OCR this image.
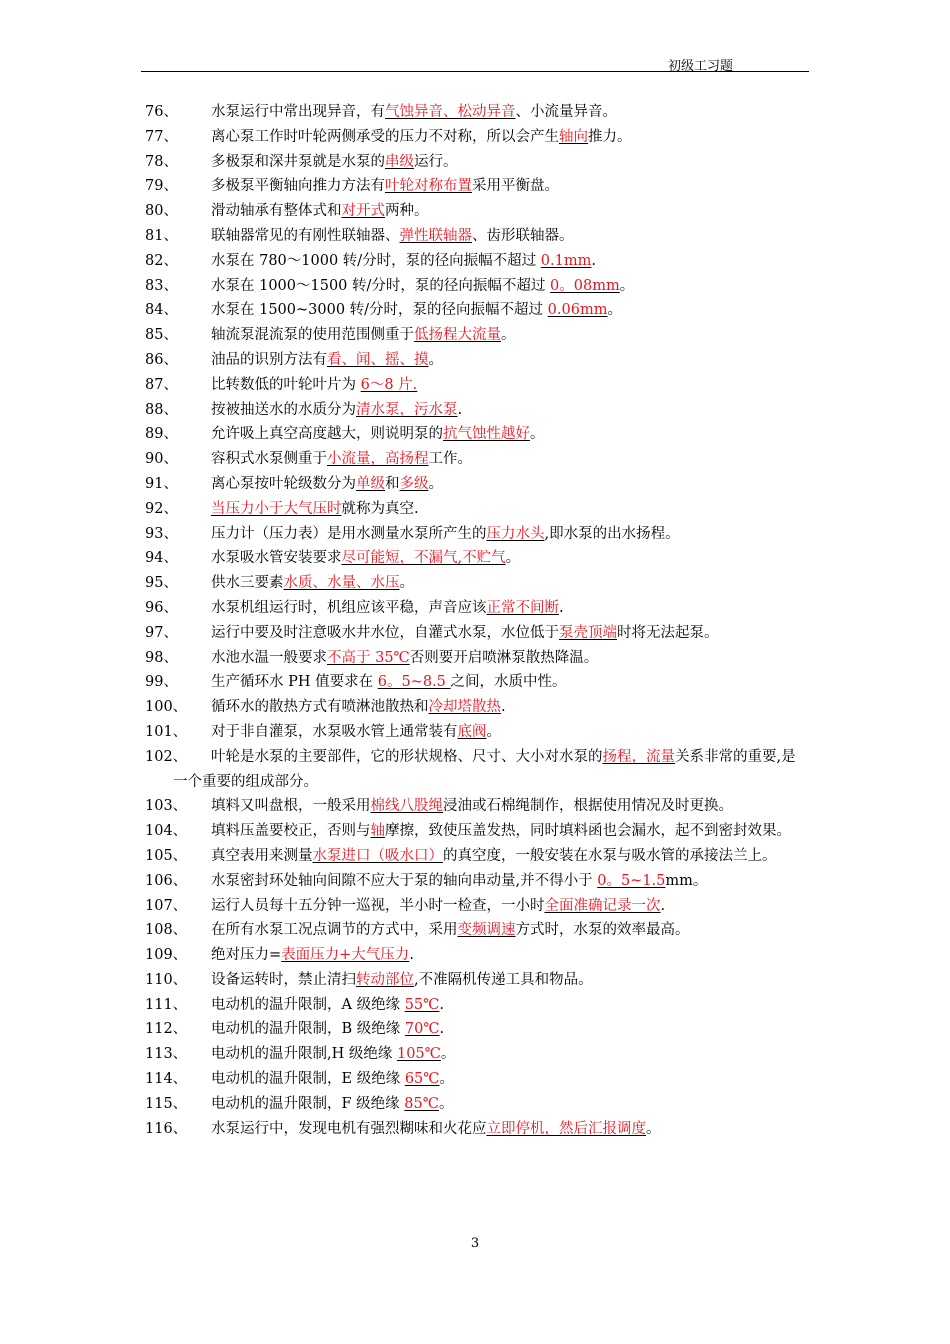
初级工习题
76、	水泵运行中常出现异音，有气蚀异音、松动异音、小流量异音。
77、	离心泵工作时叶轮两侧承受的压力不对称，所以会产生轴向推力。
78、	多极泵和深井泵就是水泵的串级运行。
79、	多极泵平衡轴向推力方法有叶轮对称布置采用平衡盘。
80、	滑动轴承有整体式和对开式两种。
81、	联轴器常见的有刚性联轴器、弹性联轴器、齿形联轴器。
82、	水泵在 780～1000 转/分时，泵的径向振幅不超过 0.1mm.
83、	水泵在 1000～1500 转/分时，泵的径向振幅不超过 0。08mm。
84、	水泵在 1500~3000 转/分时，泵的径向振幅不超过 0.06mm。
85、	轴流泵混流泵的使用范围侧重于低扬程大流量。
86、	油品的识别方法有看、闻、摇、摸。
87、	比转数低的叶轮叶片为 6～8 片.
88、	按被抽送水的水质分为清水泵，污水泵.
89、	允许吸上真空高度越大，则说明泵的抗气蚀性越好。
90、	容积式水泵侧重于小流量，高扬程工作。
91、	离心泵按叶轮级数分为单级和多级。
92、	当压力小于大气压时就称为真空.
93、	压力计（压力表）是用水测量水泵所产生的压力水头,即水泵的出水扬程。
94、	水泵吸水管安装要求尽可能短，不漏气,不贮气。
95、	供水三要素水质、水量、水压。
96、	水泵机组运行时，机组应该平稳，声音应该正常不间断.
97、	运行中要及时注意吸水井水位，自灌式水泵，水位低于泵壳顶端时将无法起泵。
98、	水池水温一般要求不高于 35℃否则要开启喷淋泵散热降温。
99、	生产循环水 PH 值要求在 6。5~8.5 之间，水质中性。
100、	循环水的散热方式有喷淋池散热和冷却塔散热.
101、	对于非自灌泵，水泵吸水管上通常装有底阀。
102、	叶轮是水泵的主要部件，它的形状规格、尺寸、大小对水泵的扬程，流量关系非常的重要,是一个重要的组成部分。
103、	填料又叫盘根，一般采用棉线八股绳浸油或石棉绳制作，根据使用情况及时更换。
104、	填料压盖要校正，否则与轴摩擦，致使压盖发热，同时填料函也会漏水，起不到密封效果。
105、	真空表用来测量水泵进口（吸水口）的真空度，一般安装在水泵与吸水管的承接法兰上。
106、	水泵密封环处轴向间隙不应大于泵的轴向串动量,并不得小于 0。5~1.5mm。
107、	运行人员每十五分钟一巡视，半小时一检查，一小时全面准确记录一次.
108、	在所有水泵工况点调节的方式中，采用变频调速方式时，水泵的效率最高。
109、	绝对压力=表面压力+大气压力.
110、	设备运转时，禁止清扫转动部位,不准隔机传递工具和物品。
111、	电动机的温升限制，A 级绝缘 55℃.
112、	电动机的温升限制，B 级绝缘 70℃.
113、	电动机的温升限制,H 级绝缘 105℃。
114、	电动机的温升限制，E 级绝缘 65℃。
115、	电动机的温升限制，F 级绝缘 85℃。
116、	水泵运行中，发现电机有强烈糊味和火花应立即停机，然后汇报调度。
3
